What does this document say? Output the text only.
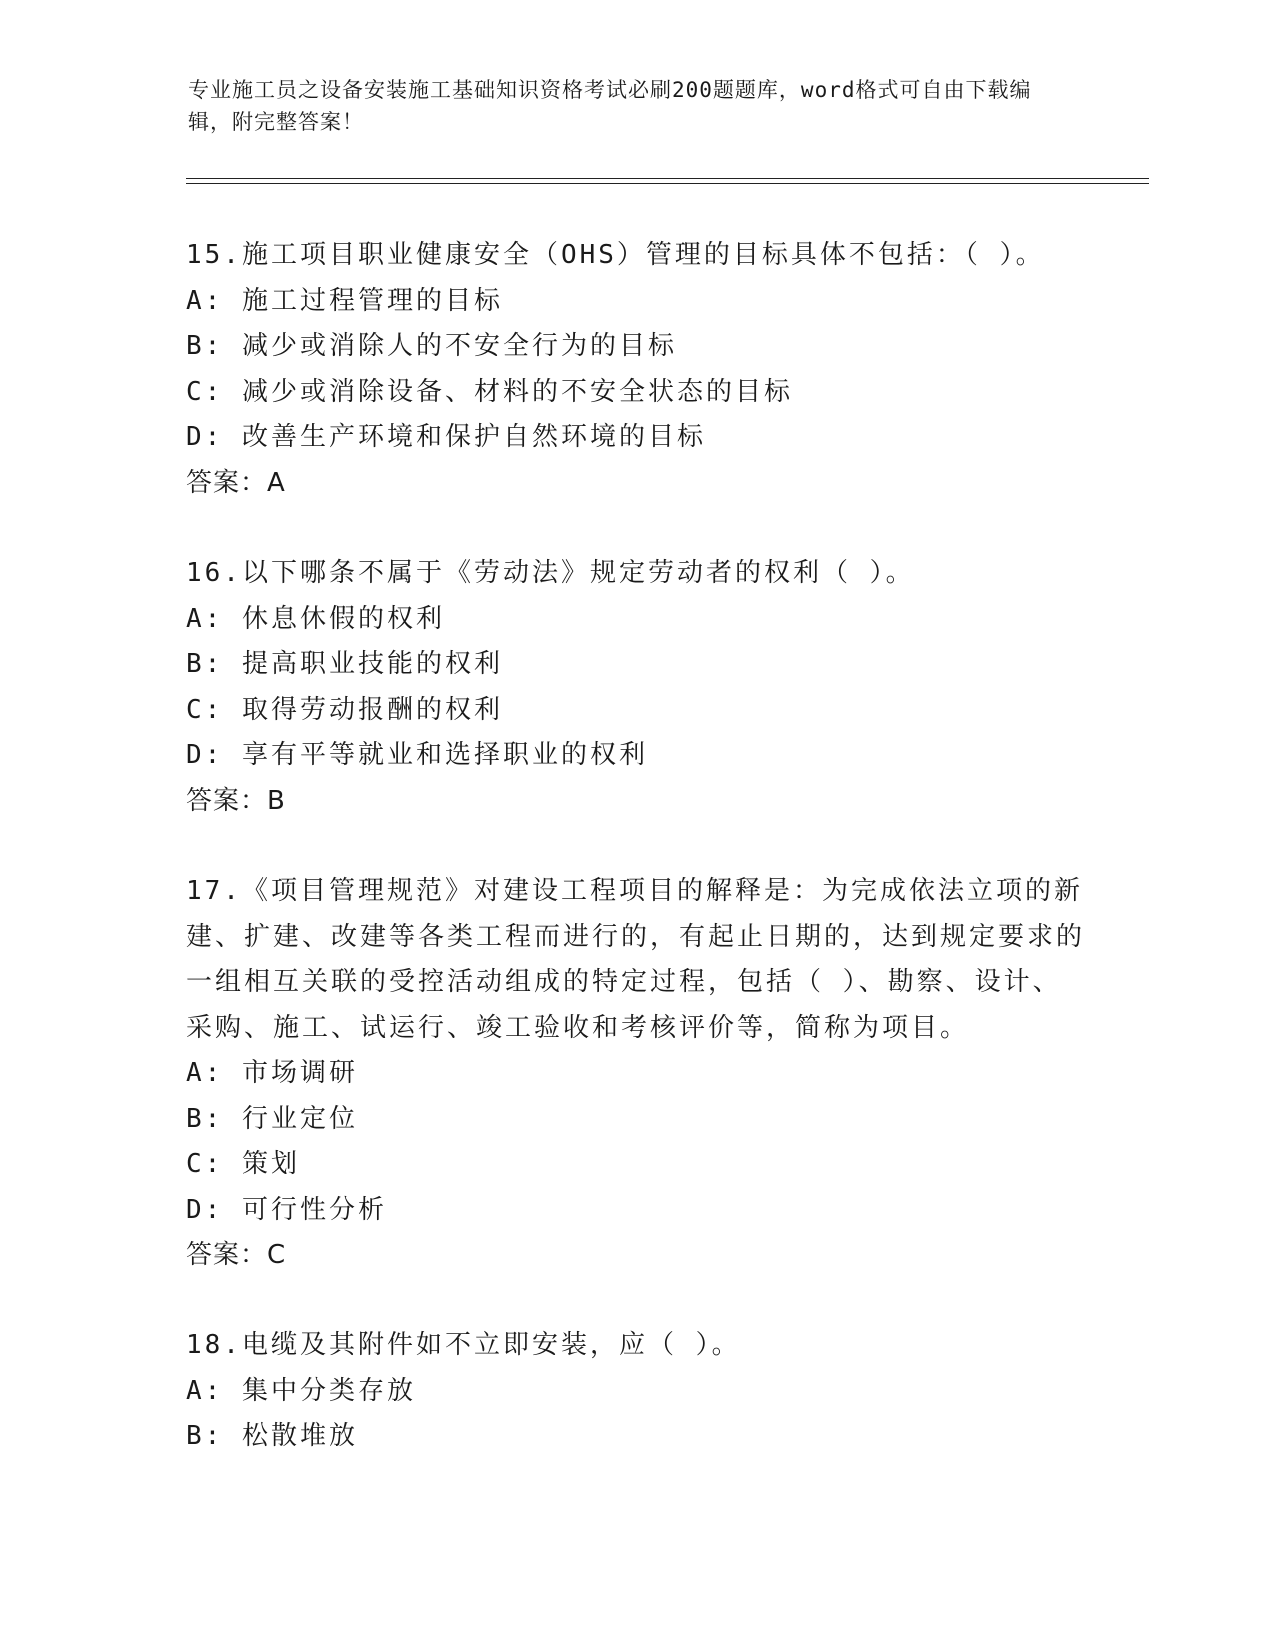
专业施工员之设备安装施工基础知识资格考试必刷200题题库，word格式可自由下载编辑，附完整答案！

15.施工项目职业健康安全（OHS）管理的目标具体不包括：（ ）。

A: 施工过程管理的目标

B: 减少或消除人的不安全行为的目标

C: 减少或消除设备、材料的不安全状态的目标

D: 改善生产环境和保护自然环境的目标

答案：A

16.以下哪条不属于《劳动法》规定劳动者的权利（ ）。

A: 休息休假的权利

B: 提高职业技能的权利

C: 取得劳动报酬的权利

D: 享有平等就业和选择职业的权利

答案：B

17.《项目管理规范》对建设工程项目的解释是：为完成依法立项的新建、扩建、改建等各类工程而进行的，有起止日期的，达到规定要求的一组相互关联的受控活动组成的特定过程，包括（ ）、勘察、设计、采购、施工、试运行、竣工验收和考核评价等，简称为项目。

A: 市场调研

B: 行业定位

C: 策划

D: 可行性分析

答案：C

18.电缆及其附件如不立即安装，应（ ）。

A: 集中分类存放

B: 松散堆放
